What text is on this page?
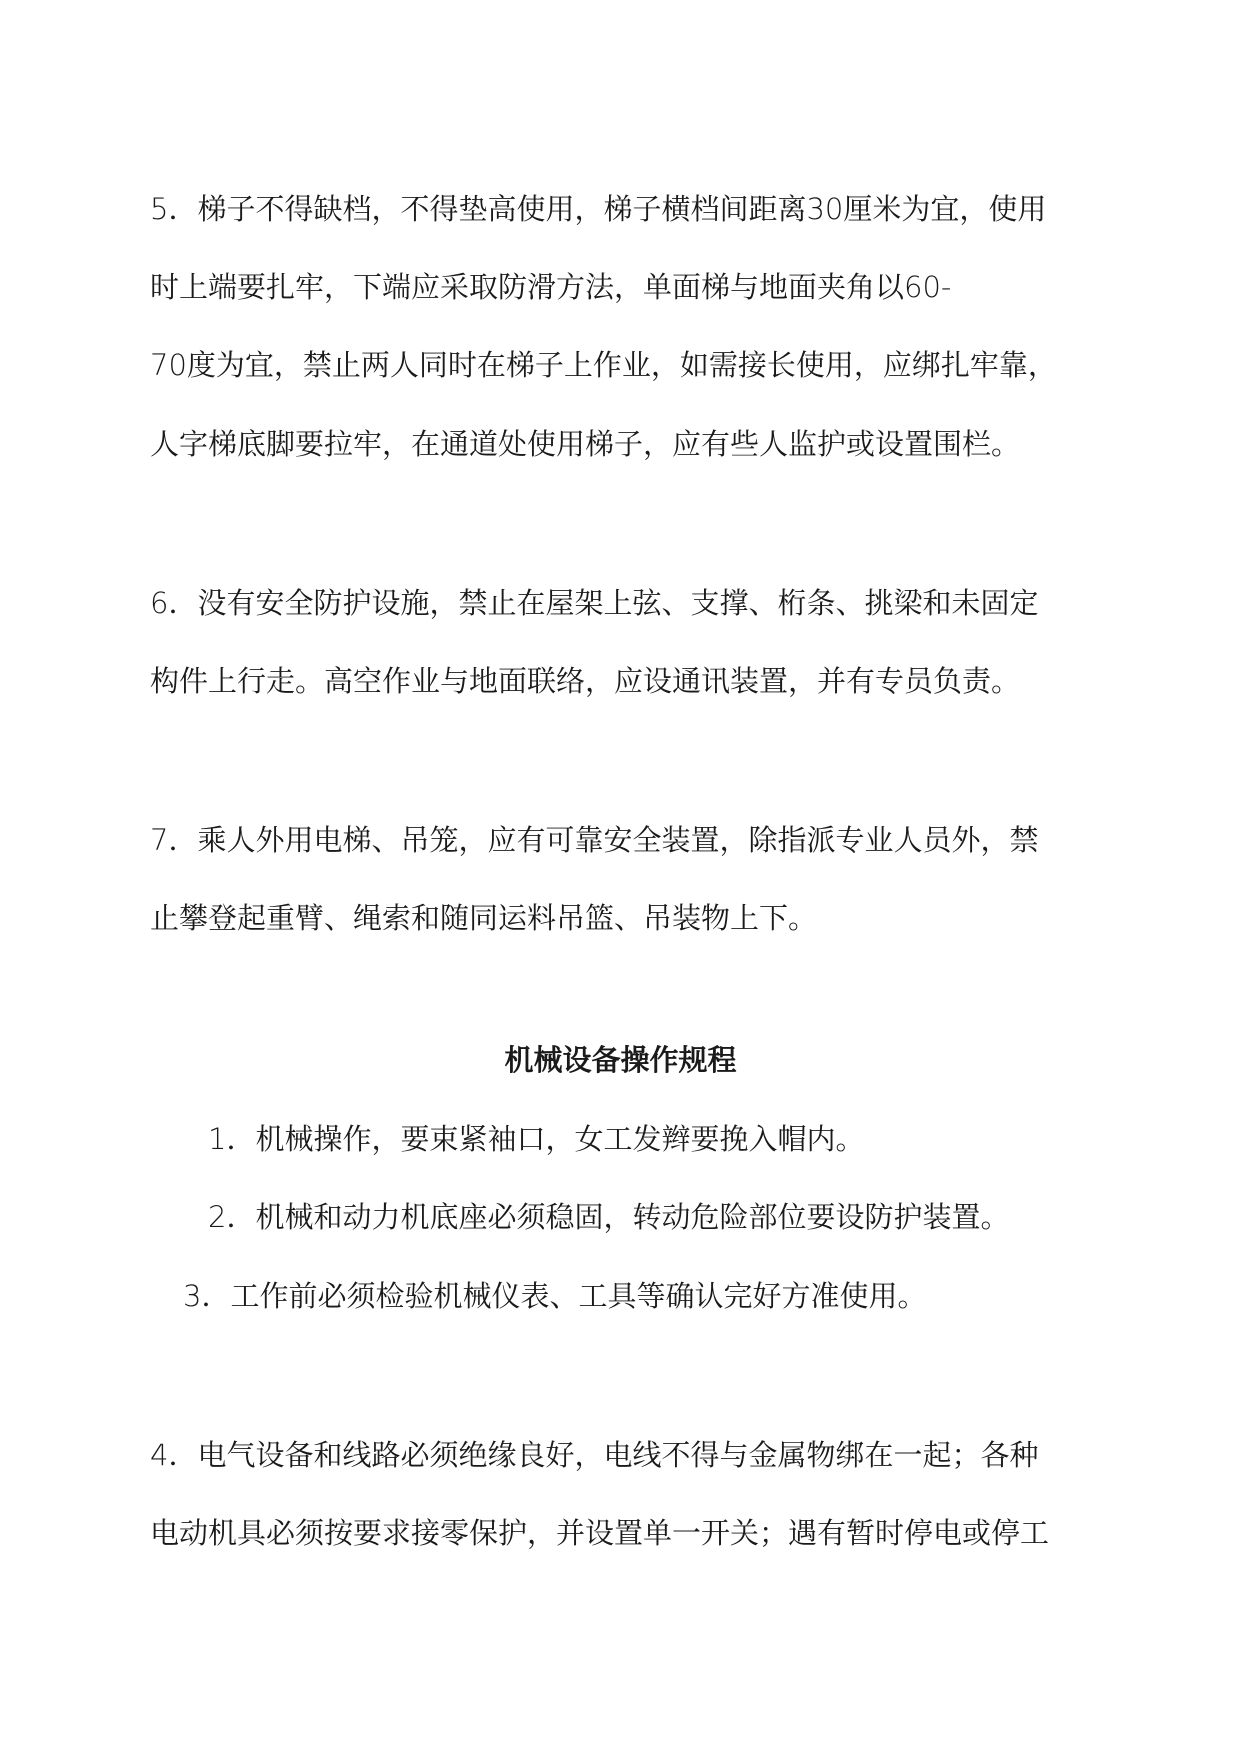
5．梯子不得缺档，不得垫高使用，梯子横档间距离30厘米为宜，使用
时上端要扎牢，下端应采取防滑方法，单面梯与地面夹角以60-
70度为宜，禁止两人同时在梯子上作业，如需接长使用，应绑扎牢靠，
人字梯底脚要拉牢，在通道处使用梯子，应有些人监护或设置围栏。
6．没有安全防护设施，禁止在屋架上弦、支撑、桁条、挑梁和未固定
构件上行走。高空作业与地面联络，应设通讯装置，并有专员负责。
7．乘人外用电梯、吊笼，应有可靠安全装置，除指派专业人员外，禁
止攀登起重臂、绳索和随同运料吊篮、吊装物上下。
机械设备操作规程
1．机械操作，要束紧袖口，女工发辫要挽入帽内。
2．机械和动力机底座必须稳固，转动危险部位要设防护装置。
3．工作前必须检验机械仪表、工具等确认完好方准使用。
4．电气设备和线路必须绝缘良好，电线不得与金属物绑在一起；各种
电动机具必须按要求接零保护，并设置单一开关；遇有暂时停电或停工
